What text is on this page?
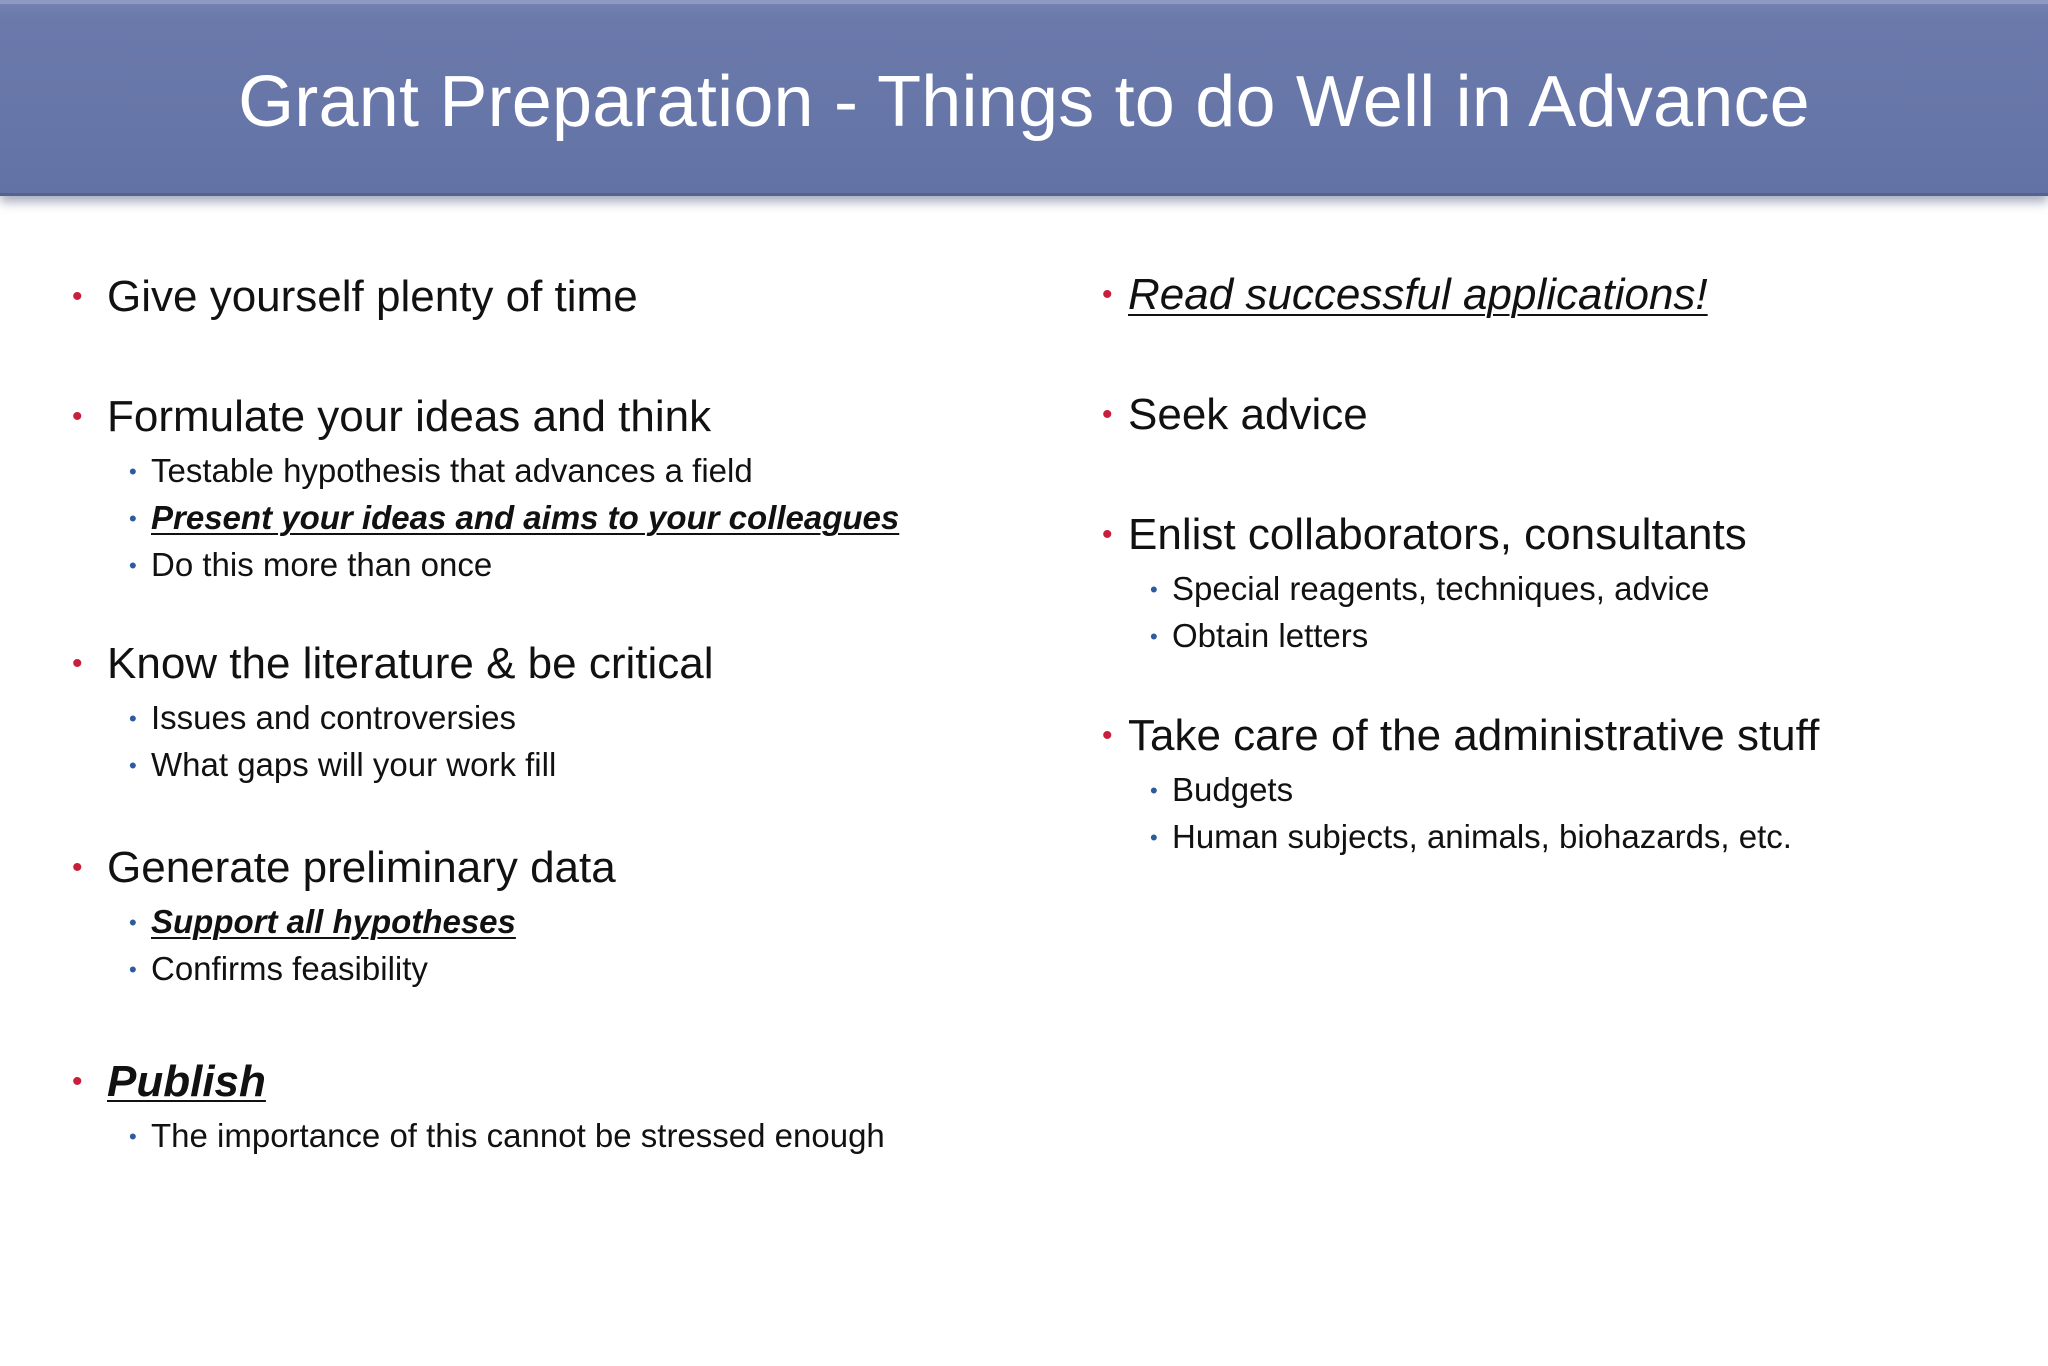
Grant Preparation - Things to do Well in Advance
• Give yourself plenty of time
• Formulate your ideas and think
• Testable hypothesis that advances a field
• Present your ideas and aims to your colleagues
• Do this more than once
• Know the literature & be critical
• Issues and controversies
• What gaps will your work fill
• Generate preliminary data
• Support all hypotheses
• Confirms feasibility
• Publish
• The importance of this cannot be stressed enough
• Read successful applications!
• Seek advice
• Enlist collaborators, consultants
• Special reagents, techniques, advice
• Obtain letters
• Take care of the administrative stuff
• Budgets
• Human subjects, animals, biohazards, etc.
